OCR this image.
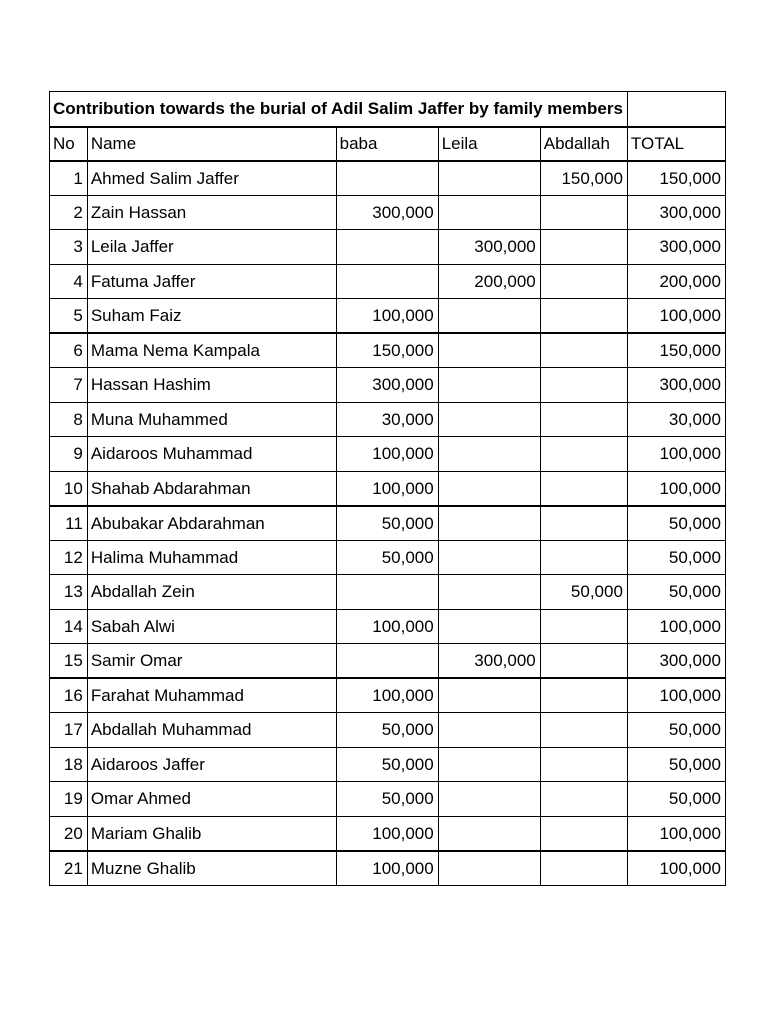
Contribution towards the burial of Adil Salim Jaffer by family members					
No	Name	baba	Leila	Abdallah	TOTAL
1	Ahmed Salim Jaffer			150,000	150,000
2	Zain Hassan	300,000			300,000
3	Leila Jaffer		300,000		300,000
4	Fatuma Jaffer		200,000		200,000
5	Suham Faiz	100,000			100,000
6	Mama Nema Kampala	150,000			150,000
7	Hassan Hashim	300,000			300,000
8	Muna Muhammed	30,000			30,000
9	Aidaroos Muhammad	100,000			100,000
10	Shahab Abdarahman	100,000			100,000
11	Abubakar Abdarahman	50,000			50,000
12	Halima Muhammad	50,000			50,000
13	Abdallah Zein			50,000	50,000
14	Sabah Alwi	100,000			100,000
15	Samir Omar		300,000		300,000
16	Farahat Muhammad	100,000			100,000
17	Abdallah Muhammad	50,000			50,000
18	Aidaroos Jaffer	50,000			50,000
19	Omar Ahmed	50,000			50,000
20	Mariam Ghalib	100,000			100,000
21	Muzne Ghalib	100,000			100,000
